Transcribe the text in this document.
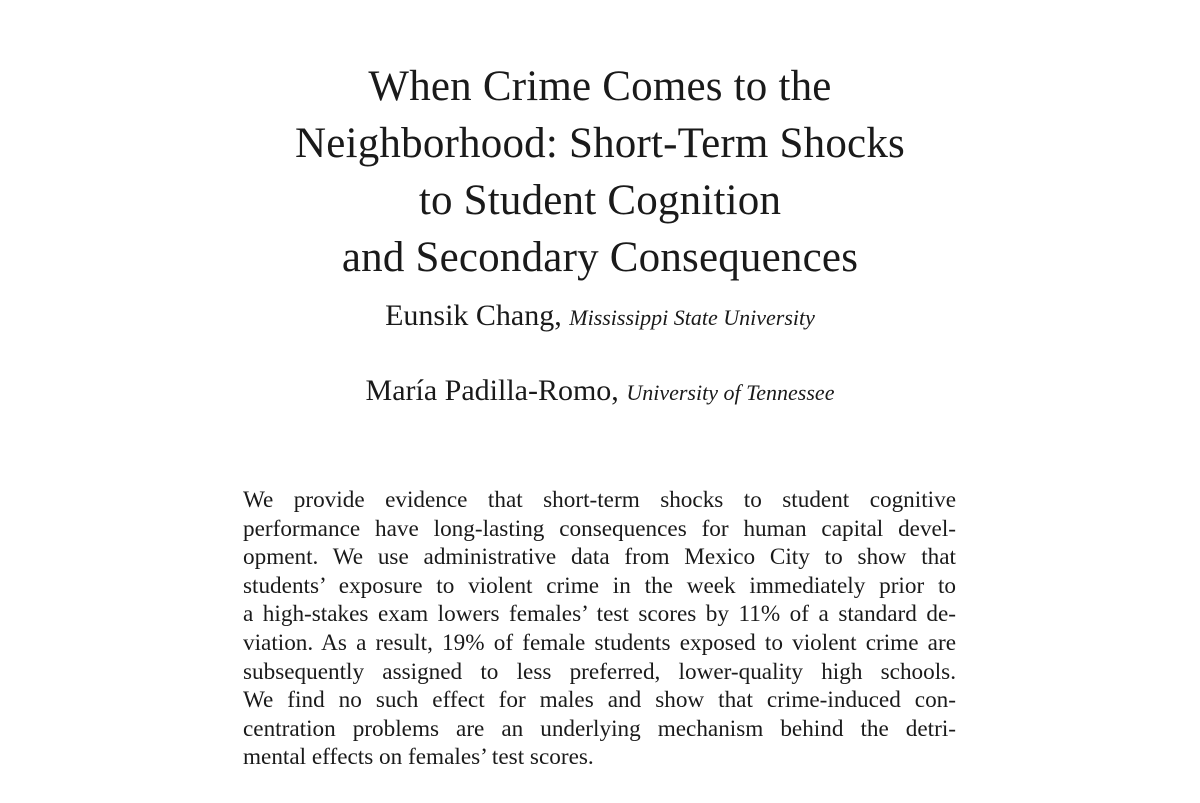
When Crime Comes to the
Neighborhood: Short-Term Shocks
to Student Cognition
and Secondary Consequences
Eunsik Chang, Mississippi State University
María Padilla-Romo, University of Tennessee
We provide evidence that short-term shocks to student cognitive
performance have long-lasting consequences for human capital devel-
opment. We use administrative data from Mexico City to show that
students’ exposure to violent crime in the week immediately prior to
a high-stakes exam lowers females’ test scores by 11% of a standard de-
viation. As a result, 19% of female students exposed to violent crime are
subsequently assigned to less preferred, lower-quality high schools.
We find no such effect for males and show that crime-induced con-
centration problems are an underlying mechanism behind the detri-
mental effects on females’ test scores.
